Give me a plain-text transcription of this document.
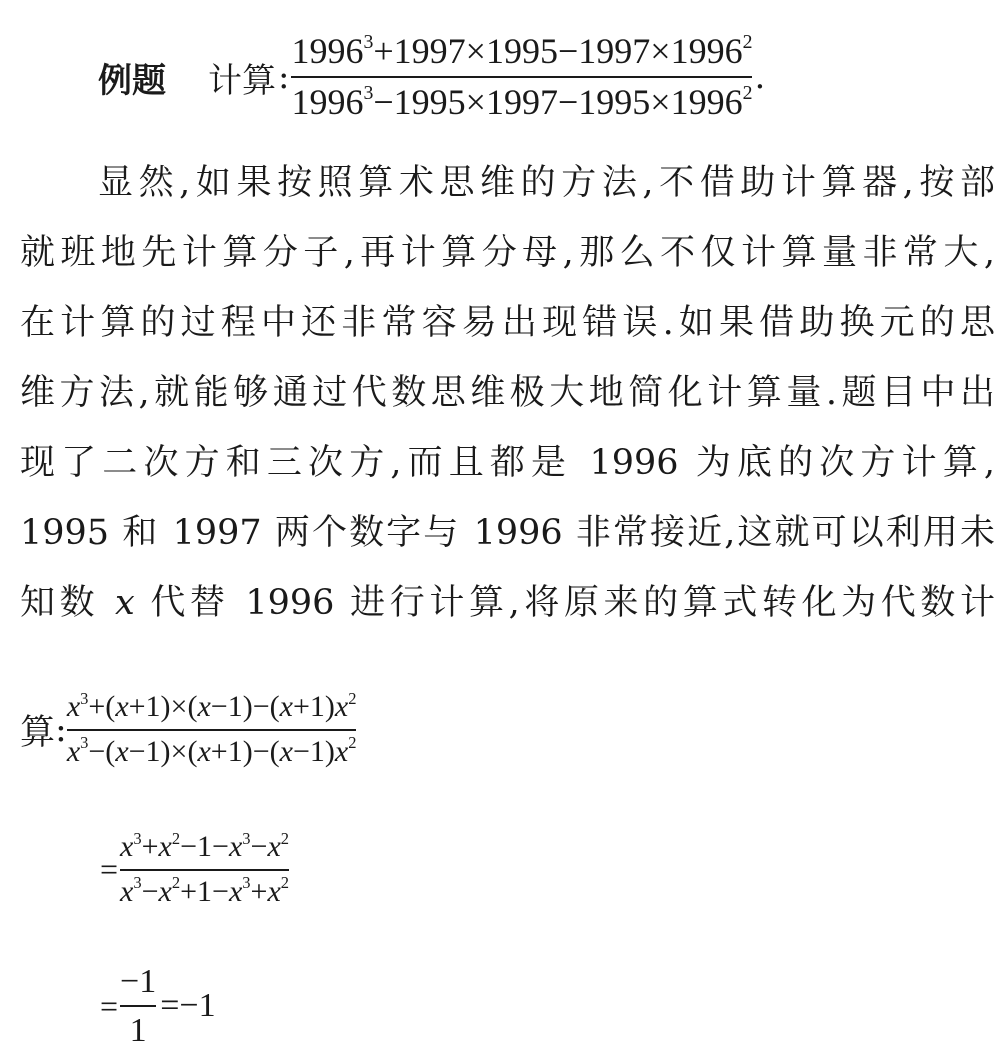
例题 计算 : $\frac{1996^3+1997\times 1995-1997\times 1996^2}{1996^3-1995\times 1997-1995\times 1996^2}$ .
显然,如果按照算术思维的方法,不借助计算器,按部
就班地先计算分子,再计算分母,那么不仅计算量非常大,
在计算的过程中还非常容易出现错误.如果借助换元的思
维方法,就能够通过代数思维极大地简化计算量.题目中出
现了二次方和三次方,而且都是 1996 为底的次方计算,
1995 和 1997 两个数字与 1996 非常接近,这就可以利用未
知数 x 代替 1996 进行计算,将原来的算式转化为代数计
算 : $\frac{x^3+(x+1)\times(x-1)-(x+1)x^2}{x^3-(x-1)\times(x+1)-(x-1)x^2}$
= $\frac{x^3+x^2-1-x^3-x^2}{x^3-x^2+1-x^3+x^2}$
= $\frac{-1}{1} =-1$
